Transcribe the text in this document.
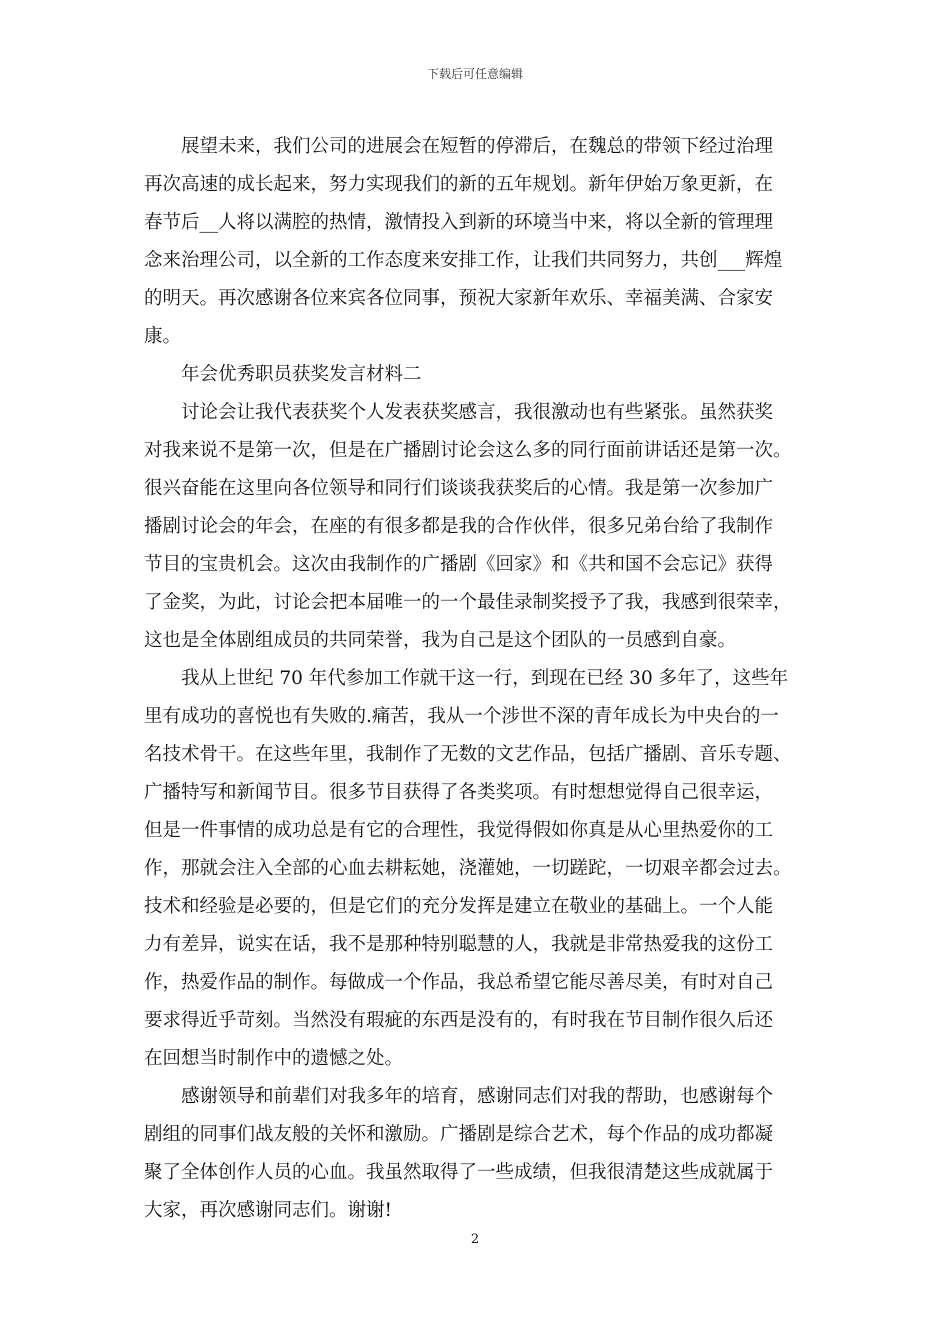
下载后可任意编辑
　　展望未来，我们公司的进展会在短暂的停滞后，在魏总的带领下经过治理
再次高速的成长起来，努力实现我们的新的五年规划。新年伊始万象更新，在
春节后__人将以满腔的热情，激情投入到新的环境当中来，将以全新的管理理
念来治理公司，以全新的工作态度来安排工作，让我们共同努力，共创___辉煌
的明天。再次感谢各位来宾各位同事，预祝大家新年欢乐、幸福美满、合家安
康。
　　年会优秀职员获奖发言材料二
　　讨论会让我代表获奖个人发表获奖感言，我很激动也有些紧张。虽然获奖
对我来说不是第一次，但是在广播剧讨论会这么多的同行面前讲话还是第一次。
很兴奋能在这里向各位领导和同行们谈谈我获奖后的心情。我是第一次参加广
播剧讨论会的年会，在座的有很多都是我的合作伙伴，很多兄弟台给了我制作
节目的宝贵机会。这次由我制作的广播剧《回家》和《共和国不会忘记》获得
了金奖，为此，讨论会把本届唯一的一个最佳录制奖授予了我，我感到很荣幸，
这也是全体剧组成员的共同荣誉，我为自己是这个团队的一员感到自豪。
　　我从上世纪 70 年代参加工作就干这一行，到现在已经 30 多年了，这些年
里有成功的喜悦也有失败的.痛苦，我从一个涉世不深的青年成长为中央台的一
名技术骨干。在这些年里，我制作了无数的文艺作品，包括广播剧、音乐专题、
广播特写和新闻节目。很多节目获得了各类奖项。有时想想觉得自己很幸运，
但是一件事情的成功总是有它的合理性，我觉得假如你真是从心里热爱你的工
作，那就会注入全部的心血去耕耘她，浇灌她，一切蹉跎，一切艰辛都会过去。
技术和经验是必要的，但是它们的充分发挥是建立在敬业的基础上。一个人能
力有差异，说实在话，我不是那种特别聪慧的人，我就是非常热爱我的这份工
作，热爱作品的制作。每做成一个作品，我总希望它能尽善尽美，有时对自己
要求得近乎苛刻。当然没有瑕疵的东西是没有的，有时我在节目制作很久后还
在回想当时制作中的遗憾之处。
　　感谢领导和前辈们对我多年的培育，感谢同志们对我的帮助，也感谢每个
剧组的同事们战友般的关怀和激励。广播剧是综合艺术，每个作品的成功都凝
聚了全体创作人员的心血。我虽然取得了一些成绩，但我很清楚这些成就属于
大家，再次感谢同志们。谢谢!
2
